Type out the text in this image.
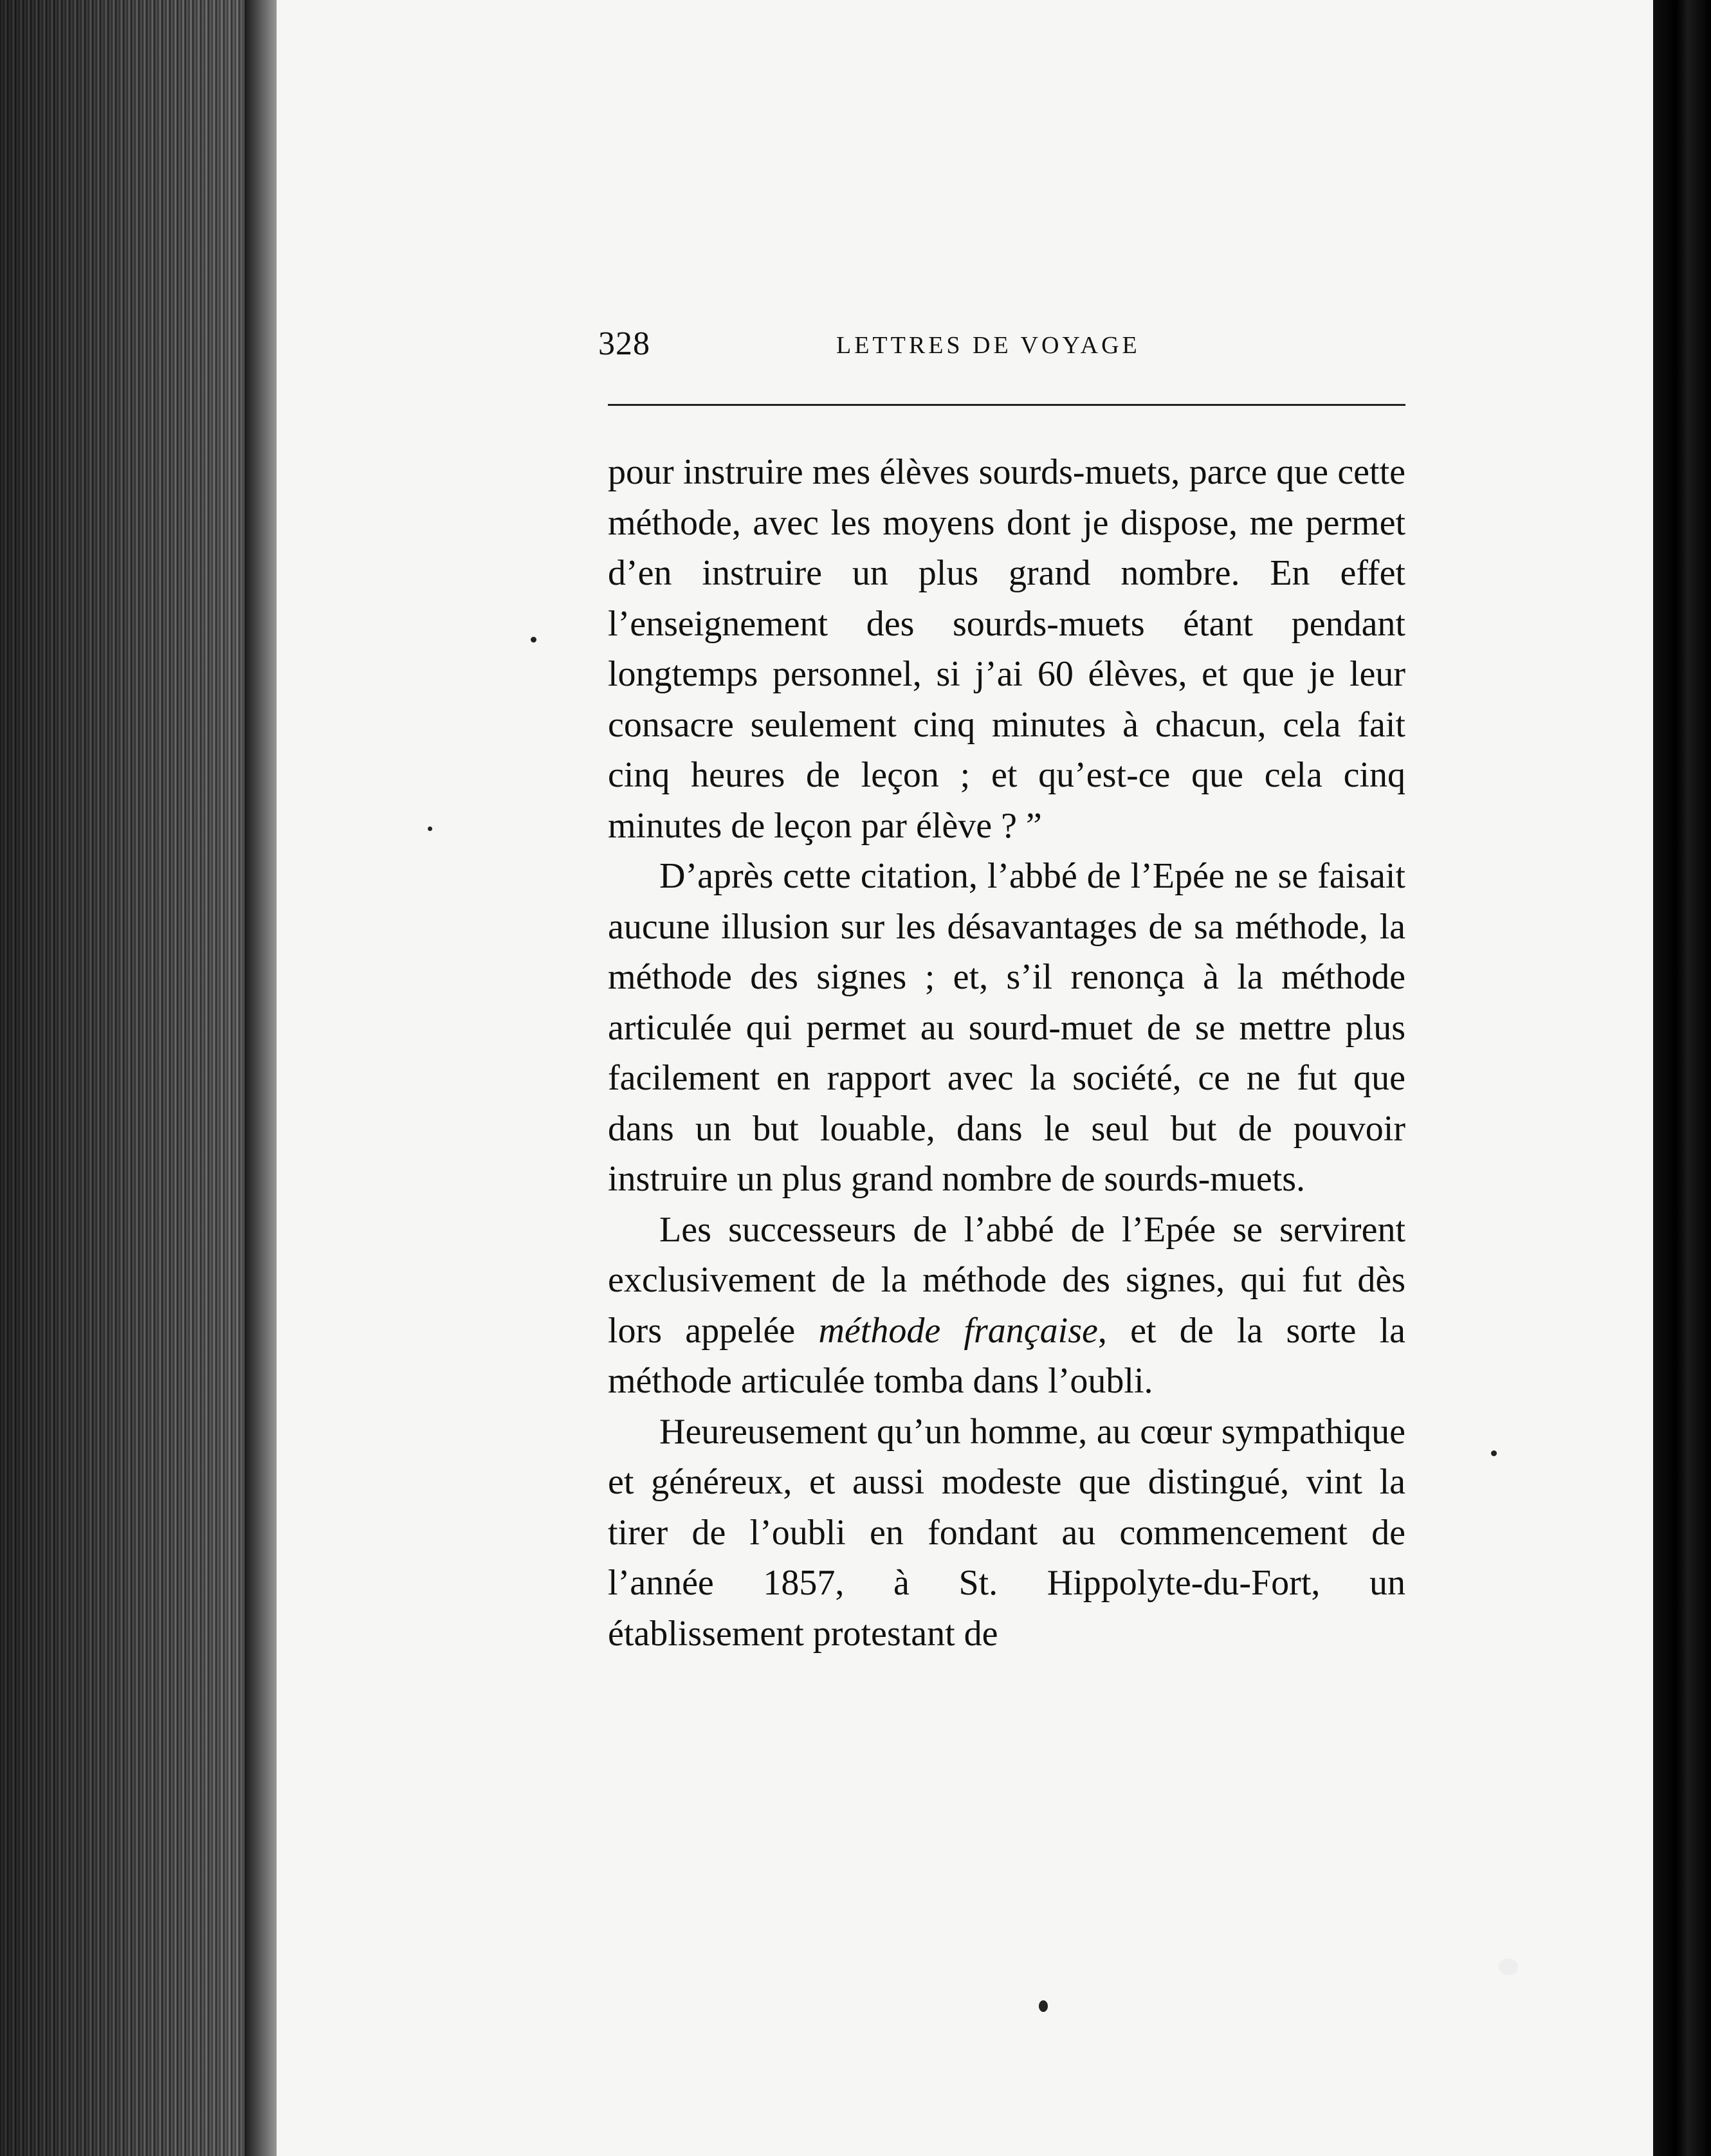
328	LETTRES DE VOYAGE

pour instruire mes élèves sourds-muets, parce que cette méthode, avec les moyens dont je dispose, me permet d’en instruire un plus grand nombre. En effet l’enseignement des sourds-muets étant pendant longtemps personnel, si j’ai 60 élèves, et que je leur consacre seulement cinq minutes à chacun, cela fait cinq heures de leçon ; et qu’est-ce que cela cinq minutes de leçon par élève ? ”

D’après cette citation, l’abbé de l’Epée ne se faisait aucune illusion sur les désavantages de sa méthode, la méthode des signes ; et, s’il renonça à la méthode articulée qui permet au sourd-muet de se mettre plus facilement en rapport avec la société, ce ne fut que dans un but louable, dans le seul but de pouvoir instruire un plus grand nombre de sourds-muets.

Les successeurs de l’abbé de l’Epée se servirent exclusivement de la méthode des signes, qui fut dès lors appelée méthode française, et de la sorte la méthode articulée tomba dans l’oubli.

Heureusement qu’un homme, au cœur sympathique et généreux, et aussi modeste que distingué, vint la tirer de l’oubli en fondant au commencement de l’année 1857, à St. Hippolyte-du-Fort, un établissement protestant de
